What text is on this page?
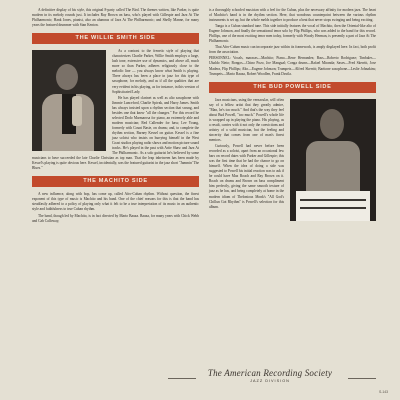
A definitive display of his style, this original 8-party called The Bird. The themes written, like Parker, is quite modern in its melody rounds just. It includes Ray Brown on bass, who's played with Gillespie and Jazz At The Philharmonic; Hank Jones, pianist, also an alumnus of Jazz At The Philharmonic; and Shelly Manne, for many years the featured drummer with Stan Kenton.

THE WILLIE SMITH SIDE

As a contrast to the frenetic style of playing that characterizes Charlie Parker, Willie Smith employs a large, lush tone, extensive use of dynamics, and above all, much more so than Parker, adheres religiously close to the melodic line — you always know what Smith is playing. There always has been a place in jazz for this type of saxophone, for melody, and as if all the qualities that are very evident in his playing, as for instance, in this version of Sophisticated Lady.

He has played clarinet as well as alto saxophone with Jimmie Lunceford, Charlie Spivak, and Harry James. Smith has always insisted upon a rhythm section that swung, and besides one that knew "all the changes." For this record he selected Dodo Marmarosa for piano, an extremely able and modern musician; Red Callender for bass; Lee Young, formerly with Count Basie, on drums; and, to complete the rhythm section, Barney Kessel on guitar. Kessel is a fine jazz soloist who insists on hurrying himself in the West Coast studios playing radio shows and motion picture sound tracks. He's played in the past with Artie Shaw and Jazz At The Philharmonic. As a solo guitarist he's believed by some musicians to have succeeded the late Charlie Christian as top man. That the leap inbetween has been made by Kessel's playing is quite obvious here. Kessel, incidentally, was the featured guitarist in the jazz short "Jammin' The Blues."

THE MACHITO SIDE

A new influence, along with bop, has come up, called Afro-Cuban rhythm. Without question, the finest exponent of this type of music is Machito and his band. One of the chief reasons for this is that the band has steadfastly adhered to a policy of playing only what it felt to be a true interpretation of its music in an authentic style and faithfulness to true Cuban rhythm.

The band, though led by Machito, is in fact directed by Mario Bauza. Bauza, for many years with Chick Webb and Cab Calloway,

is a thoroughly schooled musician with a feel for the Cuban, plus the necessary affinity for modern jazz. The heart of Machito's band is in the rhythm section. Here, that wondrous counterpoint between the various rhythm instruments is set up, but the whole melds together to produce a beat that never stops swinging and being exciting.

Tanga is a Cuban standard tune. This side initially features the vocal of Machito, then the Oriental-like alto of Eugene Johnson, and finally the sensational tenor solo by Flip Phillips, who was added to the band for this record. Phillips, one of the most exciting tenor men today, formerly with Woody Herman, is presently a part of Jazz At The Philharmonic.

That Afro-Cuban music can incorporate jazz within its framework, is amply displayed here. In fact, both profit from the association.

PERSONNEL: Vocals, maracas—Machito; Piano—Rene Hernandez; Bass—Roberto Rodriguez; Timbales—Ubaldo Nieto; Bongos—Chino Pozo, Joe Mangual; Conga drums—Rafael Miranda; Saxes—Fred Skerritt, Jose Madera, Flip Phillips; Alto—Eugene Johnson; Trumpets—Alfred Skerritt; Baritone saxophone—Leslie Johnakins; Trumpets—Mario Bauza, Robert Woodlen, Frank Davila.

THE BUD POWELL SIDE

Jazz musicians, using the vernacular, will often say of a fellow artist that they greatly admire, "Man, he's too much." And that's the way they feel about Bud Powell, "too much." Powell's whole life is wrapped up in playing the piano. His playing, as a result, carries with it not only the convictions and artistry of a solid musician, but the feeling and sincerity that comes from one of man's finest mentors.

Curiously, Powell had never before been recorded as a soloist, apart from an occasional few bars on record dates with Parker and Gillespie; this was the first time that he had the chance to go on himself. When the idea of doing a side was suggested to Powell his initial reaction was to ask if he could have Max Roach and Ray Brown on it. Roach on drums and Brown on bass compliment him perfectly, giving the same smooth texture of jazz as he has, and being completely at home in the modern idiom of Thelonious Monk's "All God's Chillun Got Rhythm" is Powell's selection for this album.

The American Recording Society
JAZZ DIVISION
S-143
